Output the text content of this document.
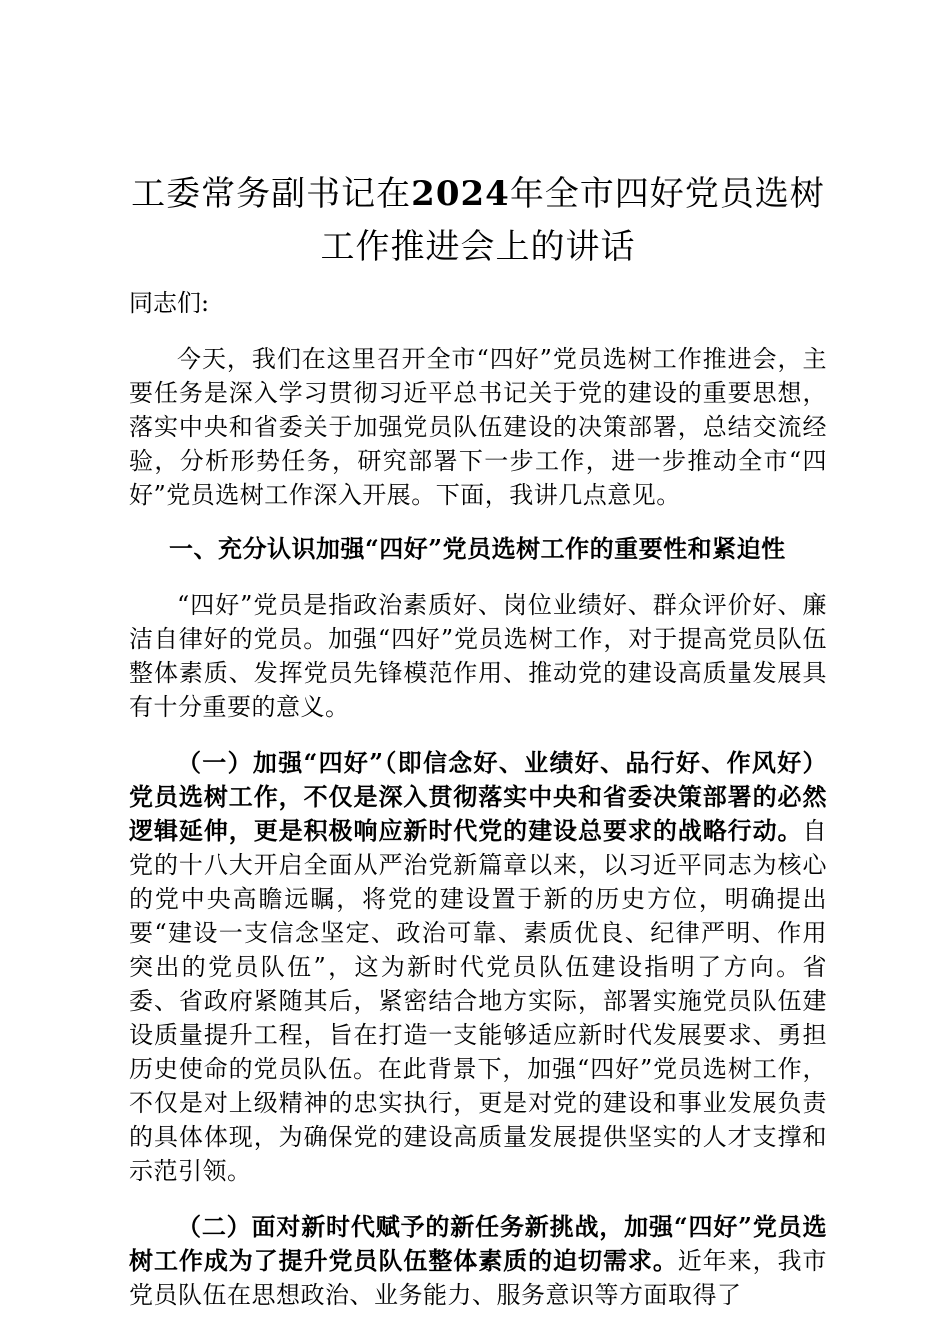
工委常务副书记在2024年全市四好党员选树
工作推进会上的讲话

同志们:

今天，我们在这里召开全市“四好”党员选树工作推进会，主要任务是深入学习贯彻习近平总书记关于党的建设的重要思想，落实中央和省委关于加强党员队伍建设的决策部署，总结交流经验，分析形势任务，研究部署下一步工作，进一步推动全市“四好”党员选树工作深入开展。下面，我讲几点意见。

一、充分认识加强“四好”党员选树工作的重要性和紧迫性

“四好”党员是指政治素质好、岗位业绩好、群众评价好、廉洁自律好的党员。加强“四好”党员选树工作，对于提高党员队伍整体素质、发挥党员先锋模范作用、推动党的建设高质量发展具有十分重要的意义。

（一）加强“四好”（即信念好、业绩好、品行好、作风好）党员选树工作，不仅是深入贯彻落实中央和省委决策部署的必然逻辑延伸，更是积极响应新时代党的建设总要求的战略行动。自党的十八大开启全面从严治党新篇章以来，以习近平同志为核心的党中央高瞻远瞩，将党的建设置于新的历史方位，明确提出要“建设一支信念坚定、政治可靠、素质优良、纪律严明、作用突出的党员队伍”，这为新时代党员队伍建设指明了方向。省委、省政府紧随其后，紧密结合地方实际，部署实施党员队伍建设质量提升工程，旨在打造一支能够适应新时代发展要求、勇担历史使命的党员队伍。在此背景下，加强“四好”党员选树工作，不仅是对上级精神的忠实执行，更是对党的建设和事业发展负责的具体体现，为确保党的建设高质量发展提供坚实的人才支撑和示范引领。

（二）面对新时代赋予的新任务新挑战，加强“四好”党员选树工作成为了提升党员队伍整体素质的迫切需求。近年来，我市党员队伍在思想政治、业务能力、服务意识等方面取得了
